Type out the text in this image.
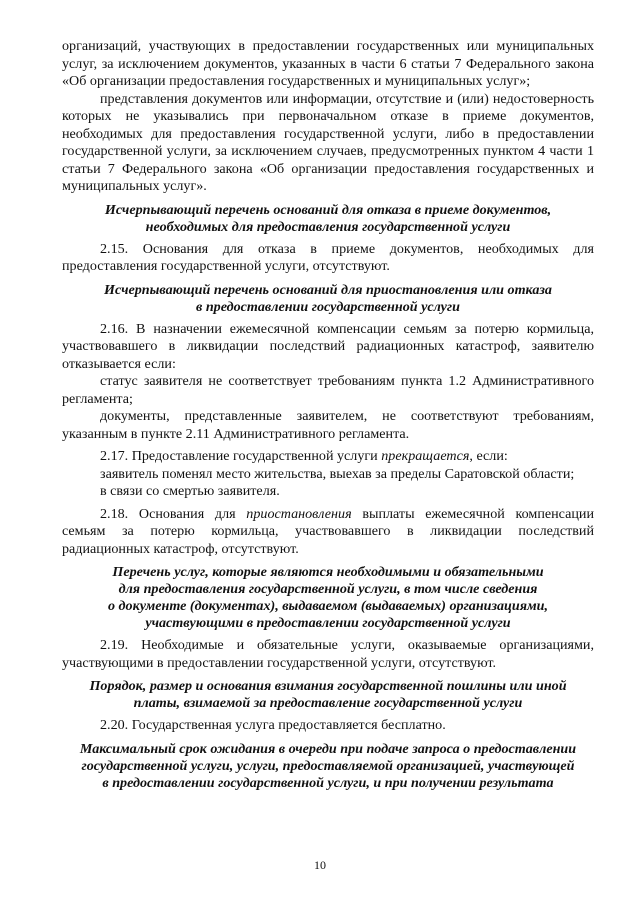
организаций, участвующих в предоставлении государственных или муниципальных услуг, за исключением документов, указанных в части 6 статьи 7 Федерального закона «Об организации предоставления государственных и муниципальных услуг»;

представления документов или информации, отсутствие и (или) недостоверность которых не указывались при первоначальном отказе в приеме документов, необходимых для предоставления государственной услуги, либо в предоставлении государственной услуги, за исключением случаев, предусмотренных пунктом 4 части 1 статьи 7 Федерального закона «Об организации предоставления государственных и муниципальных услуг».

Исчерпывающий перечень оснований для отказа в приеме документов,
необходимых для предоставления государственной услуги

2.15. Основания для отказа в приеме документов, необходимых для предоставления государственной услуги, отсутствуют.

Исчерпывающий перечень оснований для приостановления или отказа
в предоставлении государственной услуги

2.16. В назначении ежемесячной компенсации семьям за потерю кормильца, участвовавшего в ликвидации последствий радиационных катастроф, заявителю отказывается если:

статус заявителя не соответствует требованиям пункта 1.2 Административного регламента;

документы, представленные заявителем, не соответствуют требованиям, указанным в пункте 2.11 Административного регламента.

2.17. Предоставление государственной услуги прекращается, если:

заявитель поменял место жительства, выехав за пределы Саратовской области;

в связи со смертью заявителя.

2.18. Основания для приостановления выплаты ежемесячной компенсации семьям за потерю кормильца, участвовавшего в ликвидации последствий радиационных катастроф, отсутствуют.

Перечень услуг, которые являются необходимыми и обязательными
для предоставления государственной услуги, в том числе сведения
о документе (документах), выдаваемом (выдаваемых) организациями,
участвующими в предоставлении государственной услуги

2.19. Необходимые и обязательные услуги, оказываемые организациями, участвующими в предоставлении государственной услуги, отсутствуют.

Порядок, размер и основания взимания государственной пошлины или иной
платы, взимаемой за предоставление государственной услуги

2.20. Государственная услуга предоставляется бесплатно.

Максимальный срок ожидания в очереди при подаче запроса о предоставлении
государственной услуги, услуги, предоставляемой организацией, участвующей
в предоставлении государственной услуги, и при получении результата
10
